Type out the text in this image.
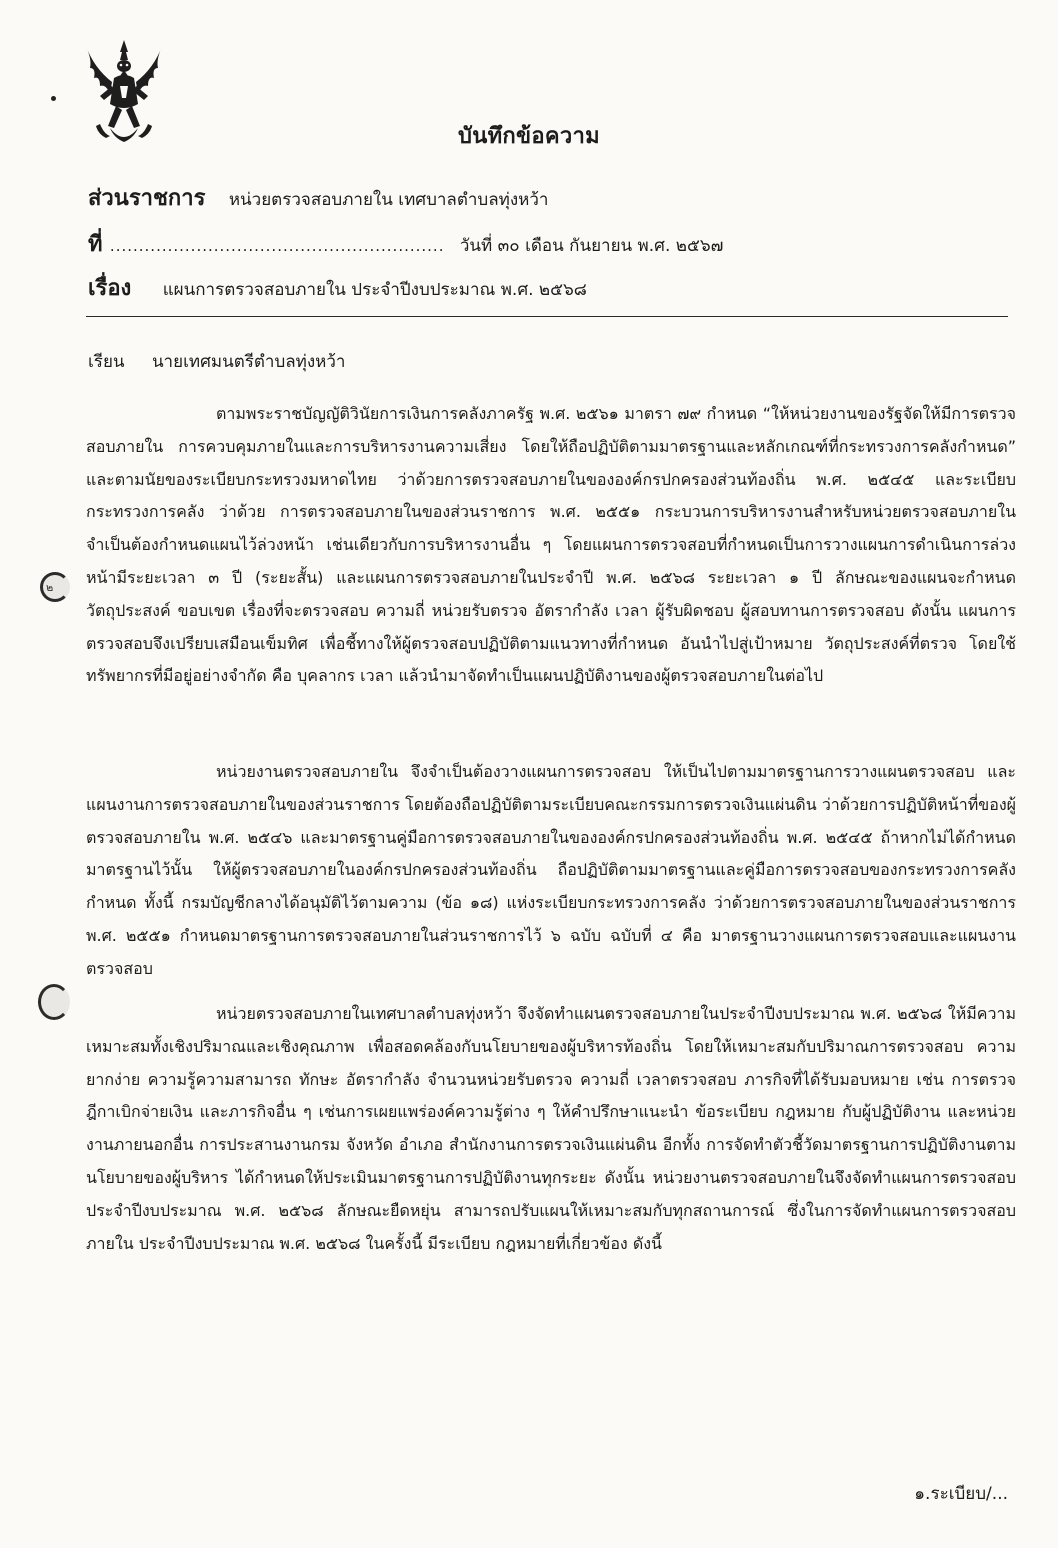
บันทึกข้อความ
ส่วนราชการ หน่วยตรวจสอบภายใน เทศบาลตำบลทุ่งหว้า
ที่ .......................................................... วันที่ ๓๐ เดือน กันยายน พ.ศ. ๒๕๖๗
เรื่อง แผนการตรวจสอบภายใน ประจำปีงบประมาณ พ.ศ. ๒๕๖๘
เรียน นายเทศมนตรีตำบลทุ่งหว้า

ตามพระราชบัญญัติวินัยการเงินการคลังภาครัฐ พ.ศ. ๒๕๖๑ มาตรา ๗๙ กำหนด “ให้หน่วยงานของรัฐจัดให้มีการตรวจสอบภายใน การควบคุมภายในและการบริหารงานความเสี่ยง โดยให้ถือปฏิบัติตามมาตรฐานและหลักเกณฑ์ที่กระทรวงการคลังกำหนด” และตามนัยของระเบียบกระทรวงมหาดไทย ว่าด้วยการตรวจสอบภายในขององค์กรปกครองส่วนท้องถิ่น พ.ศ. ๒๕๔๕ และระเบียบกระทรวงการคลัง ว่าด้วย การตรวจสอบภายในของส่วนราชการ พ.ศ. ๒๕๕๑ กระบวนการบริหารงานสำหรับหน่วยตรวจสอบภายใน จำเป็นต้องกำหนดแผนไว้ล่วงหน้า เช่นเดียวกับการบริหารงานอื่น ๆ โดยแผนการตรวจสอบที่กำหนดเป็นการวางแผนการดำเนินการล่วงหน้ามีระยะเวลา ๓ ปี (ระยะสั้น) และแผนการตรวจสอบภายในประจำปี พ.ศ. ๒๕๖๘ ระยะเวลา ๑ ปี ลักษณะของแผนจะกำหนดวัตถุประสงค์ ขอบเขต เรื่องที่จะตรวจสอบ ความถี่ หน่วยรับตรวจ อัตรากำลัง เวลา ผู้รับผิดชอบ ผู้สอบทานการตรวจสอบ ดังนั้น แผนการตรวจสอบจึงเปรียบเสมือนเข็มทิศ เพื่อชี้ทางให้ผู้ตรวจสอบปฏิบัติตามแนวทางที่กำหนด อันนำไปสู่เป้าหมาย วัตถุประสงค์ที่ตรวจ โดยใช้ทรัพยากรที่มีอยู่อย่างจำกัด คือ บุคลากร เวลา แล้วนำมาจัดทำเป็นแผนปฏิบัติงานของผู้ตรวจสอบภายในต่อไป

หน่วยงานตรวจสอบภายใน จึงจำเป็นต้องวางแผนการตรวจสอบ ให้เป็นไปตามมาตรฐานการวางแผนตรวจสอบ และแผนงานการตรวจสอบภายในของส่วนราชการ โดยต้องถือปฏิบัติตามระเบียบคณะกรรมการตรวจเงินแผ่นดิน ว่าด้วยการปฏิบัติหน้าที่ของผู้ตรวจสอบภายใน พ.ศ. ๒๕๔๖ และมาตรฐานคู่มือการตรวจสอบภายในขององค์กรปกครองส่วนท้องถิ่น พ.ศ. ๒๕๔๕ ถ้าหากไม่ได้กำหนดมาตรฐานไว้นั้น ให้ผู้ตรวจสอบภายในองค์กรปกครองส่วนท้องถิ่น ถือปฏิบัติตามมาตรฐานและคู่มือการตรวจสอบของกระทรวงการคลังกำหนด ทั้งนี้ กรมบัญชีกลางได้อนุมัติไว้ตามความ (ข้อ ๑๘) แห่งระเบียบกระทรวงการคลัง ว่าด้วยการตรวจสอบภายในของส่วนราชการ พ.ศ. ๒๕๕๑ กำหนดมาตรฐานการตรวจสอบภายในส่วนราชการไว้ ๖ ฉบับ ฉบับที่ ๔ คือ มาตรฐานวางแผนการตรวจสอบและแผนงานตรวจสอบ

หน่วยตรวจสอบภายในเทศบาลตำบลทุ่งหว้า จึงจัดทำแผนตรวจสอบภายในประจำปีงบประมาณ พ.ศ. ๒๕๖๘ ให้มีความเหมาะสมทั้งเชิงปริมาณและเชิงคุณภาพ เพื่อสอดคล้องกับนโยบายของผู้บริหารท้องถิ่น โดยให้เหมาะสมกับปริมาณการตรวจสอบ ความยากง่าย ความรู้ความสามารถ ทักษะ อัตรากำลัง จำนวนหน่วยรับตรวจ ความถี่ เวลาตรวจสอบ ภารกิจที่ได้รับมอบหมาย เช่น การตรวจฎีกาเบิกจ่ายเงิน และภารกิจอื่น ๆ เช่นการเผยแพร่องค์ความรู้ต่าง ๆ ให้คำปรึกษาแนะนำ ข้อระเบียบ กฎหมาย กับผู้ปฏิบัติงาน และหน่วยงานภายนอกอื่น การประสานงานกรม จังหวัด อำเภอ สำนักงานการตรวจเงินแผ่นดิน อีกทั้ง การจัดทำตัวชี้วัดมาตรฐานการปฏิบัติงานตามนโยบายของผู้บริหาร ได้กำหนดให้ประเมินมาตรฐานการปฏิบัติงานทุกระยะ ดังนั้น หน่วยงานตรวจสอบภายในจึงจัดทำแผนการตรวจสอบประจำปีงบประมาณ พ.ศ. ๒๕๖๘ ลักษณะยืดหยุ่น สามารถปรับแผนให้เหมาะสมกับทุกสถานการณ์ ซึ่งในการจัดทำแผนการตรวจสอบภายใน ประจำปีงบประมาณ พ.ศ. ๒๕๖๘ ในครั้งนี้ มีระเบียบ กฎหมายที่เกี่ยวข้อง ดังนี้

๒
๑.ระเบียบ/...
